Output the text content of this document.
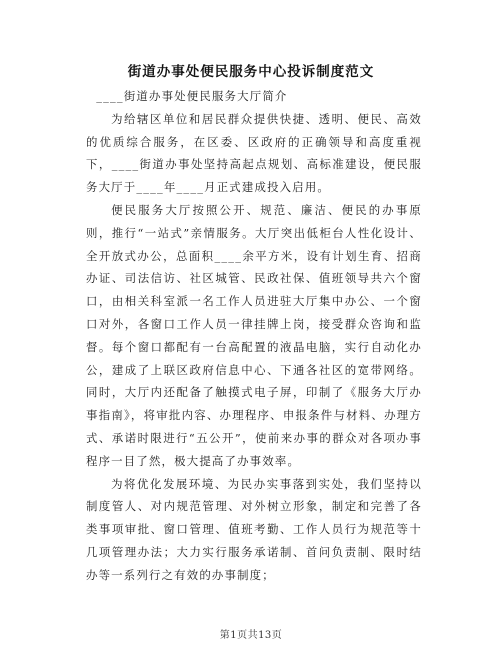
街道办事处便民服务中心投诉制度范文

____街道办事处便民服务大厅简介

为给辖区单位和居民群众提供快捷、透明、便民、高效的优质综合服务，在区委、区政府的正确领导和高度重视下，____街道办事处坚持高起点规划、高标准建设，便民服务大厅于____年____月正式建成投入启用。

便民服务大厅按照公开、规范、廉洁、便民的办事原则，推行“一站式”亲情服务。大厅突出低柜台人性化设计、全开放式办公，总面积____余平方米，设有计划生育、招商办证、司法信访、社区城管、民政社保、值班领导共六个窗口，由相关科室派一名工作人员进驻大厅集中办公、一个窗口对外，各窗口工作人员一律挂牌上岗，接受群众咨询和监督。每个窗口都配有一台高配置的液晶电脑，实行自动化办公，建成了上联区政府信息中心、下通各社区的宽带网络。同时，大厅内还配备了触摸式电子屏，印制了《服务大厅办事指南》，将审批内容、办理程序、申报条件与材料、办理方式、承诺时限进行“五公开”，使前来办事的群众对各项办事程序一目了然，极大提高了办事效率。

为将优化发展环境、为民办实事落到实处，我们坚持以制度管人、对内规范管理、对外树立形象，制定和完善了各类事项审批、窗口管理、值班考勤、工作人员行为规范等十几项管理办法；大力实行服务承诺制、首问负责制、限时结办等一系列行之有效的办事制度；

第1页共13页
